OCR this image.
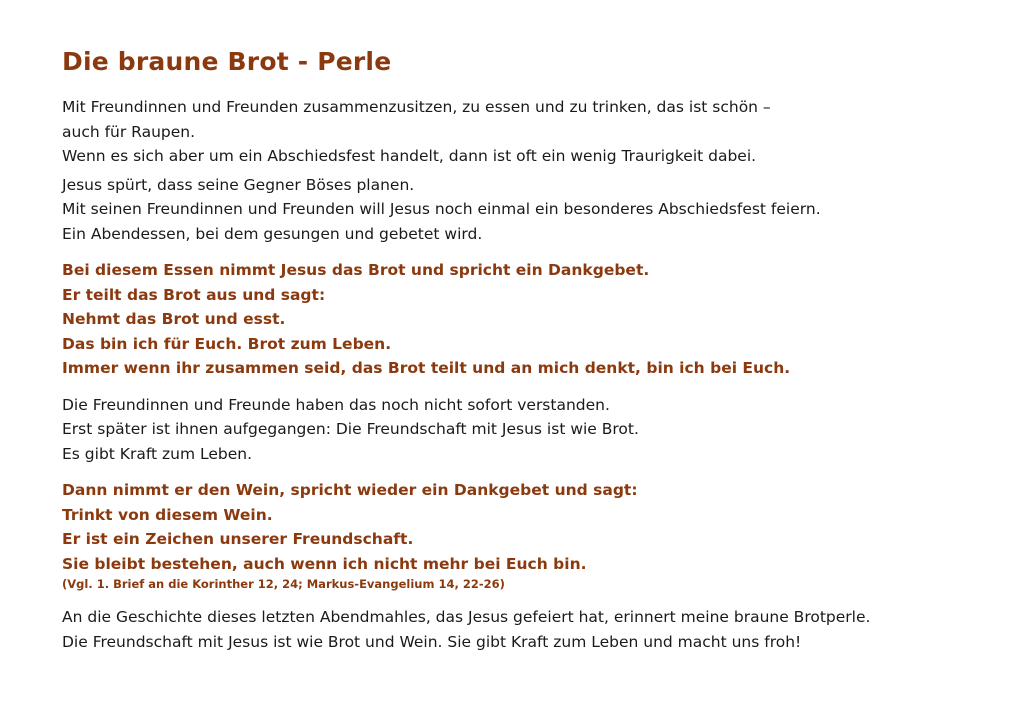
Die braune Brot - Perle

Mit Freundinnen und Freunden zusammenzusitzen, zu essen und zu trinken, das ist schön –
auch für Raupen.
Wenn es sich aber um ein Abschiedsfest handelt, dann ist oft ein wenig Traurigkeit dabei.

Jesus spürt, dass seine Gegner Böses planen.
Mit seinen Freundinnen und Freunden will Jesus noch einmal ein besonderes Abschiedsfest feiern.
Ein Abendessen, bei dem gesungen und gebetet wird.

Bei diesem Essen nimmt Jesus das Brot und spricht ein Dankgebet.
Er teilt das Brot aus und sagt:
Nehmt das Brot und esst.
Das bin ich für Euch. Brot zum Leben.
Immer wenn ihr zusammen seid, das Brot teilt und an mich denkt, bin ich bei Euch.

Die Freundinnen und Freunde haben das noch nicht sofort verstanden.
Erst später ist ihnen aufgegangen: Die Freundschaft mit Jesus ist wie Brot.
Es gibt Kraft zum Leben.

Dann nimmt er den Wein, spricht wieder ein Dankgebet und sagt:
Trinkt von diesem Wein.
Er ist ein Zeichen unserer Freundschaft.
Sie bleibt bestehen, auch wenn ich nicht mehr bei Euch bin.
(Vgl. 1. Brief an die Korinther 12, 24; Markus-Evangelium 14, 22-26)

An die Geschichte dieses letzten Abendmahles, das Jesus gefeiert hat, erinnert meine braune Brotperle.
Die Freundschaft mit Jesus ist wie Brot und Wein. Sie gibt Kraft zum Leben und macht uns froh!
